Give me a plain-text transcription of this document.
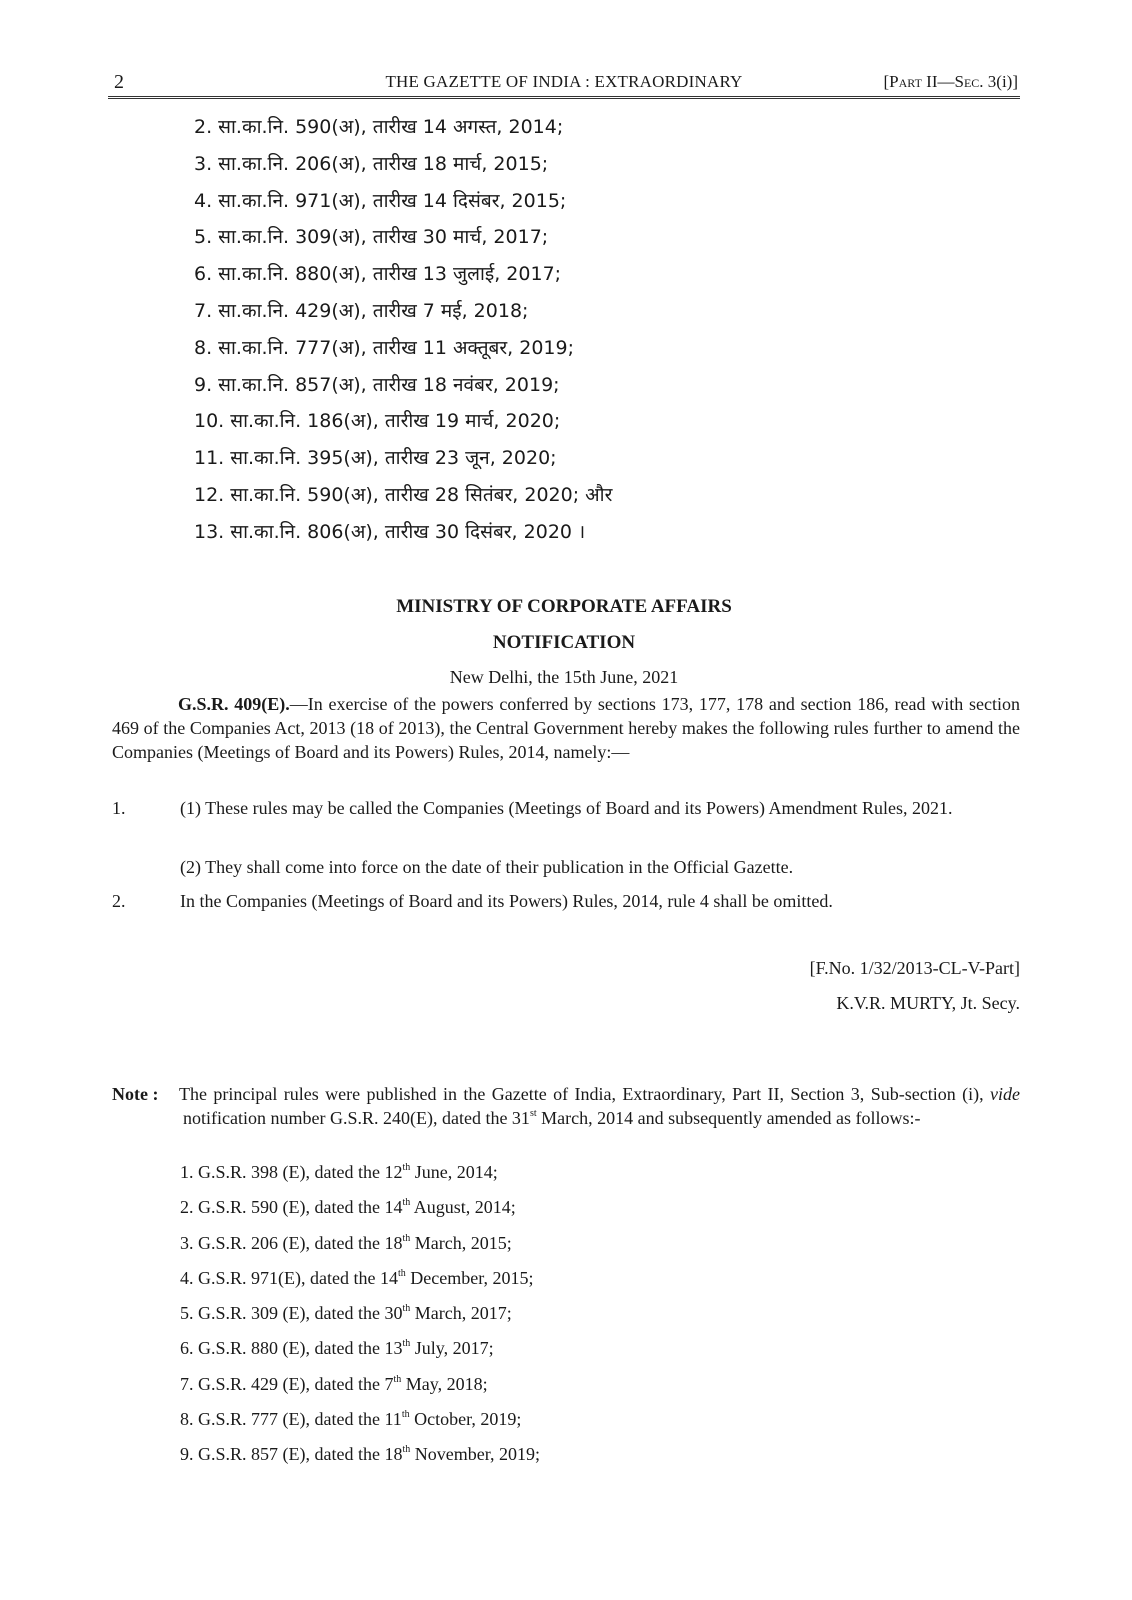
2	THE GAZETTE OF INDIA : EXTRAORDINARY	[Part II—Sec. 3(i)]
2. सा.का.नि. 590(अ), तारीख 14 अगस्त, 2014;
3. सा.का.नि. 206(अ), तारीख 18 मार्च, 2015;
4. सा.का.नि. 971(अ), तारीख 14 दिसंबर, 2015;
5. सा.का.नि. 309(अ), तारीख 30 मार्च, 2017;
6. सा.का.नि. 880(अ), तारीख 13 जुलाई, 2017;
7. सा.का.नि. 429(अ), तारीख 7 मई, 2018;
8. सा.का.नि. 777(अ), तारीख 11 अक्तूबर, 2019;
9. सा.का.नि. 857(अ), तारीख 18 नवंबर, 2019;
10. सा.का.नि. 186(अ), तारीख 19 मार्च, 2020;
11. सा.का.नि. 395(अ), तारीख 23 जून, 2020;
12. सा.का.नि. 590(अ), तारीख 28 सितंबर, 2020; और
13. सा.का.नि. 806(अ), तारीख 30 दिसंबर, 2020 ।
MINISTRY OF CORPORATE AFFAIRS
NOTIFICATION
New Delhi, the 15th June, 2021

G.S.R. 409(E).—In exercise of the powers conferred by sections 173, 177, 178 and section 186, read with section 469 of the Companies Act, 2013 (18 of 2013), the Central Government hereby makes the following rules further to amend the Companies (Meetings of Board and its Powers) Rules, 2014, namely:—

1.	(1) These rules may be called the Companies (Meetings of Board and its Powers) Amendment Rules, 2021.

(2) They shall come into force on the date of their publication in the Official Gazette.

2.	In the Companies (Meetings of Board and its Powers) Rules, 2014, rule 4 shall be omitted.

[F.No. 1/32/2013-CL-V-Part]
K.V.R. MURTY, Jt. Secy.
Note :	The principal rules were published in the Gazette of India, Extraordinary, Part II, Section 3, Sub-section (i), vide notification number G.S.R. 240(E), dated the 31st March, 2014 and subsequently amended as follows:-
1. G.S.R. 398 (E), dated the 12th June, 2014;
2. G.S.R. 590 (E), dated the 14th August, 2014;
3. G.S.R. 206 (E), dated the 18th March, 2015;
4. G.S.R. 971(E), dated the 14th December, 2015;
5. G.S.R. 309 (E), dated the 30th March, 2017;
6. G.S.R. 880 (E), dated the 13th July, 2017;
7. G.S.R. 429 (E), dated the 7th May, 2018;
8. G.S.R. 777 (E), dated the 11th October, 2019;
9. G.S.R. 857 (E), dated the 18th November, 2019;
